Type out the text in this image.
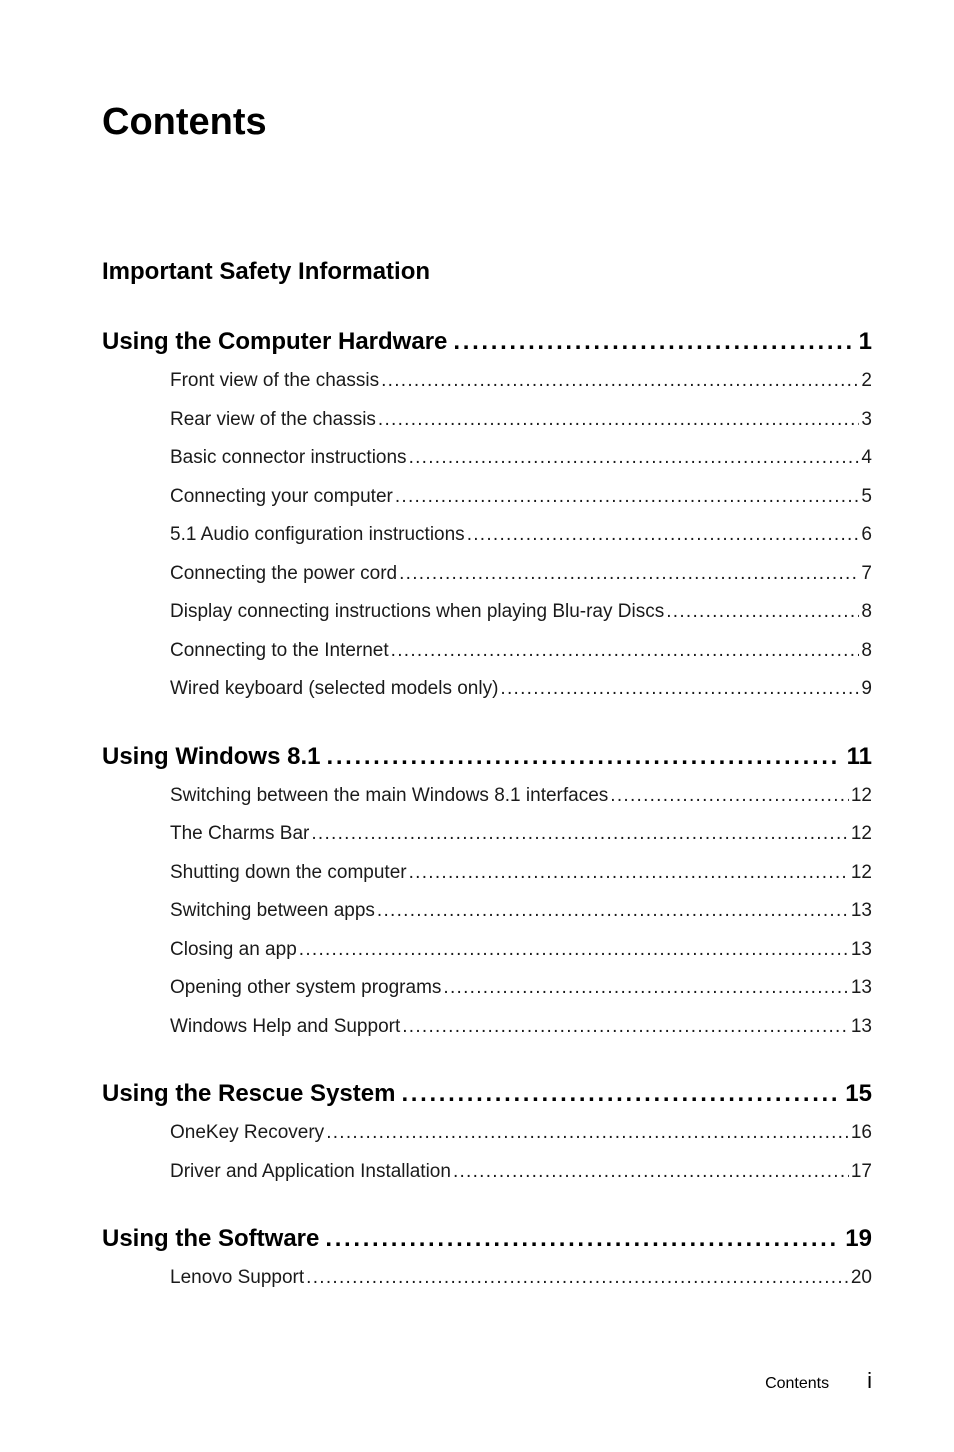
Contents
Important Safety Information
Using the Computer Hardware . . .	1
Front view of the chassis . . .	2
Rear view of the chassis . . .	3
Basic connector instructions . . .	4
Connecting your computer . . .	5
5.1 Audio configuration instructions . . .	6
Connecting the power cord . . .	7
Display connecting instructions when playing Blu-ray Discs . . .	8
Connecting to the Internet . . .	8
Wired keyboard (selected models only) . . .	9
Using Windows 8.1 . . .	11
Switching between the main Windows 8.1 interfaces . . .	12
The Charms Bar . . .	12
Shutting down the computer . . .	12
Switching between apps . . .	13
Closing an app . . .	13
Opening other system programs . . .	13
Windows Help and Support . . .	13
Using the Rescue System . . .	15
OneKey Recovery . . .	16
Driver and Application Installation . . .	17
Using the Software . . .	19
Lenovo Support . . .	20
Contents i
